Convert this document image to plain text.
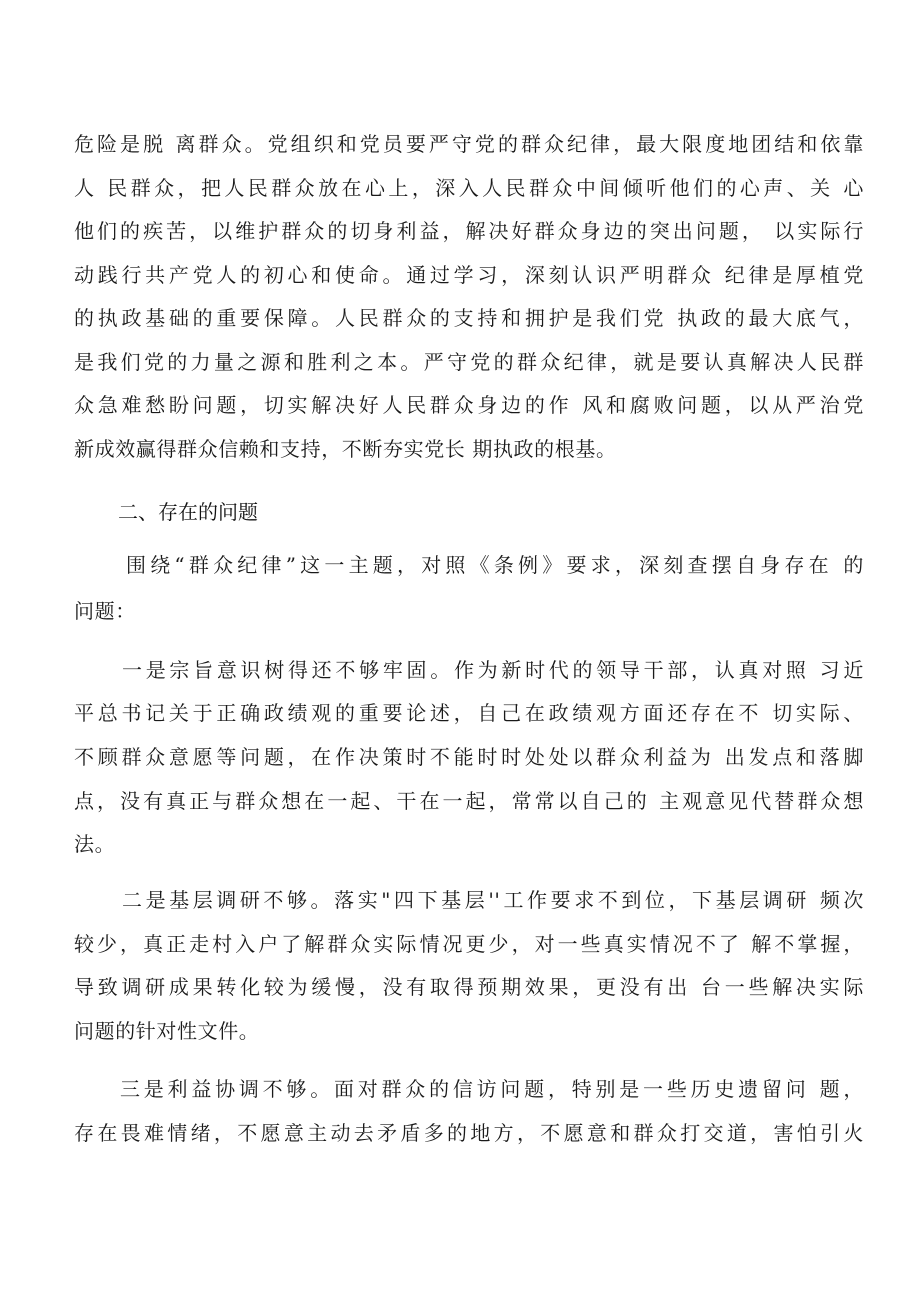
危险是脱 离群众。党组织和党员要严守党的群众纪律，最大限度地团结和依靠
人 民群众，把人民群众放在心上，深入人民群众中间倾听他们的心声、关 心
他们的疾苦，以维护群众的切身利益，解决好群众身边的突出问题， 以实际行
动践行共产党人的初心和使命。通过学习，深刻认识严明群众 纪律是厚植党
的执政基础的重要保障。人民群众的支持和拥护是我们党 执政的最大底气，
是我们党的力量之源和胜利之本。严守党的群众纪律，就是要认真解决人民群
众急难愁盼问题，切实解决好人民群众身边的作 风和腐败问题，以从严治党
新成效赢得群众信赖和支持，不断夯实党长 期执政的根基。
二、存在的问题
围绕“群众纪律”这一主题，对照《条例》要求，深刻查摆自身存在 的
问题：
一是宗旨意识树得还不够牢固。作为新时代的领导干部，认真对照 习近
平总书记关于正确政绩观的重要论述，自己在政绩观方面还存在不 切实际、
不顾群众意愿等问题，在作决策时不能时时处处以群众利益为 出发点和落脚
点，没有真正与群众想在一起、干在一起，常常以自己的 主观意见代替群众想
法。
二是基层调研不够。落实"四下基层''工作要求不到位，下基层调研 频次
较少，真正走村入户了解群众实际情况更少，对一些真实情况不了 解不掌握，
导致调研成果转化较为缓慢，没有取得预期效果，更没有出 台一些解决实际
问题的针对性文件。
三是利益协调不够。面对群众的信访问题，特别是一些历史遗留问 题，
存在畏难情绪，不愿意主动去矛盾多的地方，不愿意和群众打交道，害怕引火
